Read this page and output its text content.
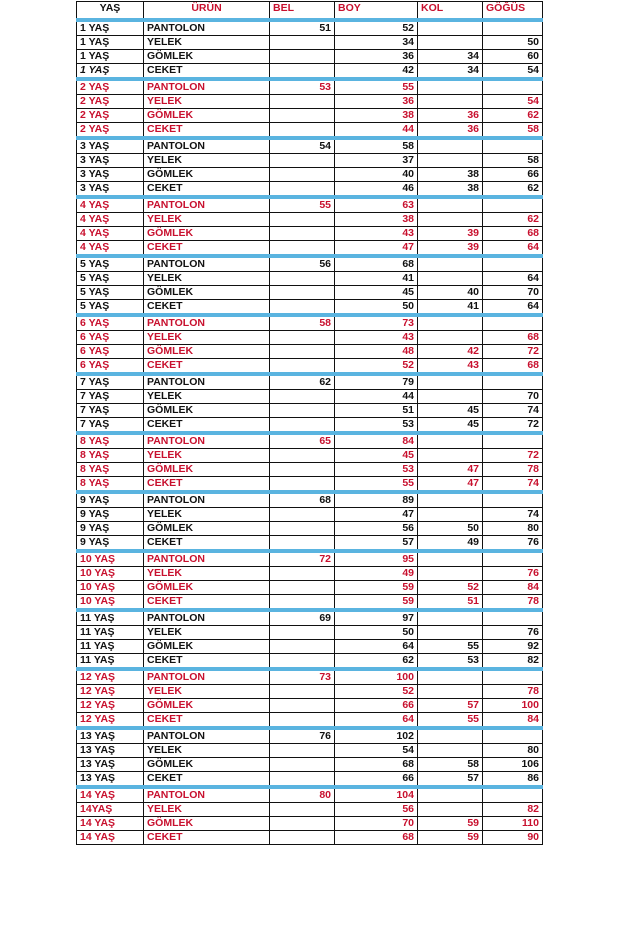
YAŞ	ÜRÜN	BEL	BOY	KOL	GÖĞÜS
1 YAŞ	PANTOLON	51	52		
1 YAŞ	YELEK		34		50
1 YAŞ	GÖMLEK		36	34	60
1 YAŞ	CEKET		42	34	54
2 YAŞ	PANTOLON	53	55		
2 YAŞ	YELEK		36		54
2 YAŞ	GÖMLEK		38	36	62
2 YAŞ	CEKET		44	36	58
3 YAŞ	PANTOLON	54	58		
3 YAŞ	YELEK		37		58
3 YAŞ	GÖMLEK		40	38	66
3 YAŞ	CEKET		46	38	62
4 YAŞ	PANTOLON	55	63		
4 YAŞ	YELEK		38		62
4 YAŞ	GÖMLEK		43	39	68
4 YAŞ	CEKET		47	39	64
5 YAŞ	PANTOLON	56	68		
5 YAŞ	YELEK		41		64
5 YAŞ	GÖMLEK		45	40	70
5 YAŞ	CEKET		50	41	64
6 YAŞ	PANTOLON	58	73		
6 YAŞ	YELEK		43		68
6 YAŞ	GÖMLEK		48	42	72
6 YAŞ	CEKET		52	43	68
7 YAŞ	PANTOLON	62	79		
7 YAŞ	YELEK		44		70
7 YAŞ	GÖMLEK		51	45	74
7 YAŞ	CEKET		53	45	72
8 YAŞ	PANTOLON	65	84		
8 YAŞ	YELEK		45		72
8 YAŞ	GÖMLEK		53	47	78
8 YAŞ	CEKET		55	47	74
9 YAŞ	PANTOLON	68	89		
9 YAŞ	YELEK		47		74
9 YAŞ	GÖMLEK		56	50	80
9 YAŞ	CEKET		57	49	76
10 YAŞ	PANTOLON	72	95		
10 YAŞ	YELEK		49		76
10 YAŞ	GÖMLEK		59	52	84
10 YAŞ	CEKET		59	51	78
11 YAŞ	PANTOLON	69	97		
11 YAŞ	YELEK		50		76
11 YAŞ	GÖMLEK		64	55	92
11 YAŞ	CEKET		62	53	82
12 YAŞ	PANTOLON	73	100		
12 YAŞ	YELEK		52		78
12 YAŞ	GÖMLEK		66	57	100
12 YAŞ	CEKET		64	55	84
13 YAŞ	PANTOLON	76	102		
13 YAŞ	YELEK		54		80
13 YAŞ	GÖMLEK		68	58	106
13 YAŞ	CEKET		66	57	86
14 YAŞ	PANTOLON	80	104		
14YAŞ	YELEK		56		82
14 YAŞ	GÖMLEK		70	59	110
14 YAŞ	CEKET		68	59	90
